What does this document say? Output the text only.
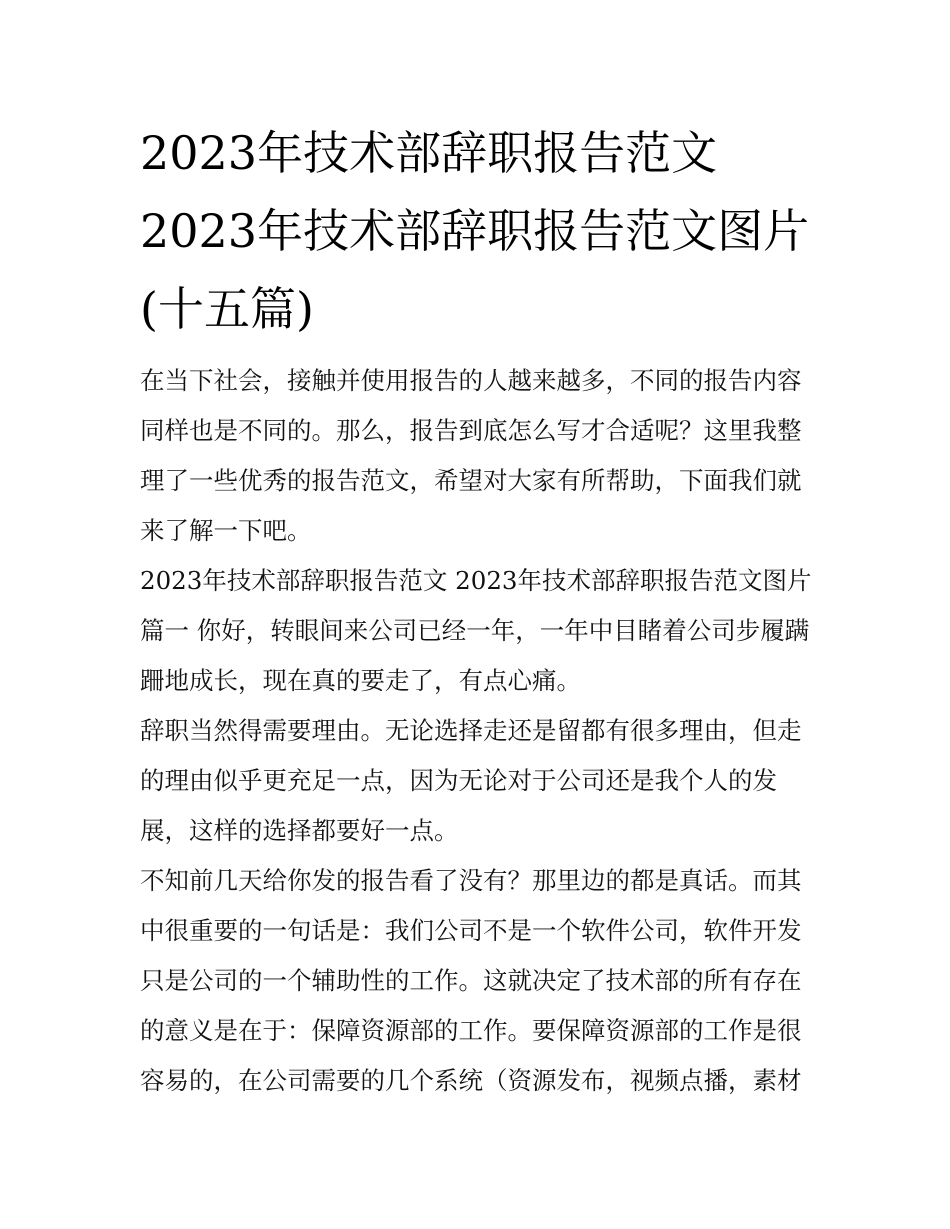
2023年技术部辞职报告范文 2023年技术部辞职报告范文图片(十五篇)

在当下社会，接触并使用报告的人越来越多，不同的报告内容同样也是不同的。那么，报告到底怎么写才合适呢？这里我整理了一些优秀的报告范文，希望对大家有所帮助，下面我们就来了解一下吧。

2023年技术部辞职报告范文 2023年技术部辞职报告范文图片篇一 你好，转眼间来公司已经一年，一年中目睹着公司步履蹒跚地成长，现在真的要走了，有点心痛。

辞职当然得需要理由。无论选择走还是留都有很多理由，但走的理由似乎更充足一点，因为无论对于公司还是我个人的发展，这样的选择都要好一点。

不知前几天给你发的报告看了没有？那里边的都是真话。而其中很重要的一句话是：我们公司不是一个软件公司，软件开发只是公司的一个辅助性的工作。这就决定了技术部的所有存在的意义是在于：保障资源部的工作。要保障资源部的工作是很容易的，在公司需要的几个系统（资源发布，视频点播，素材
